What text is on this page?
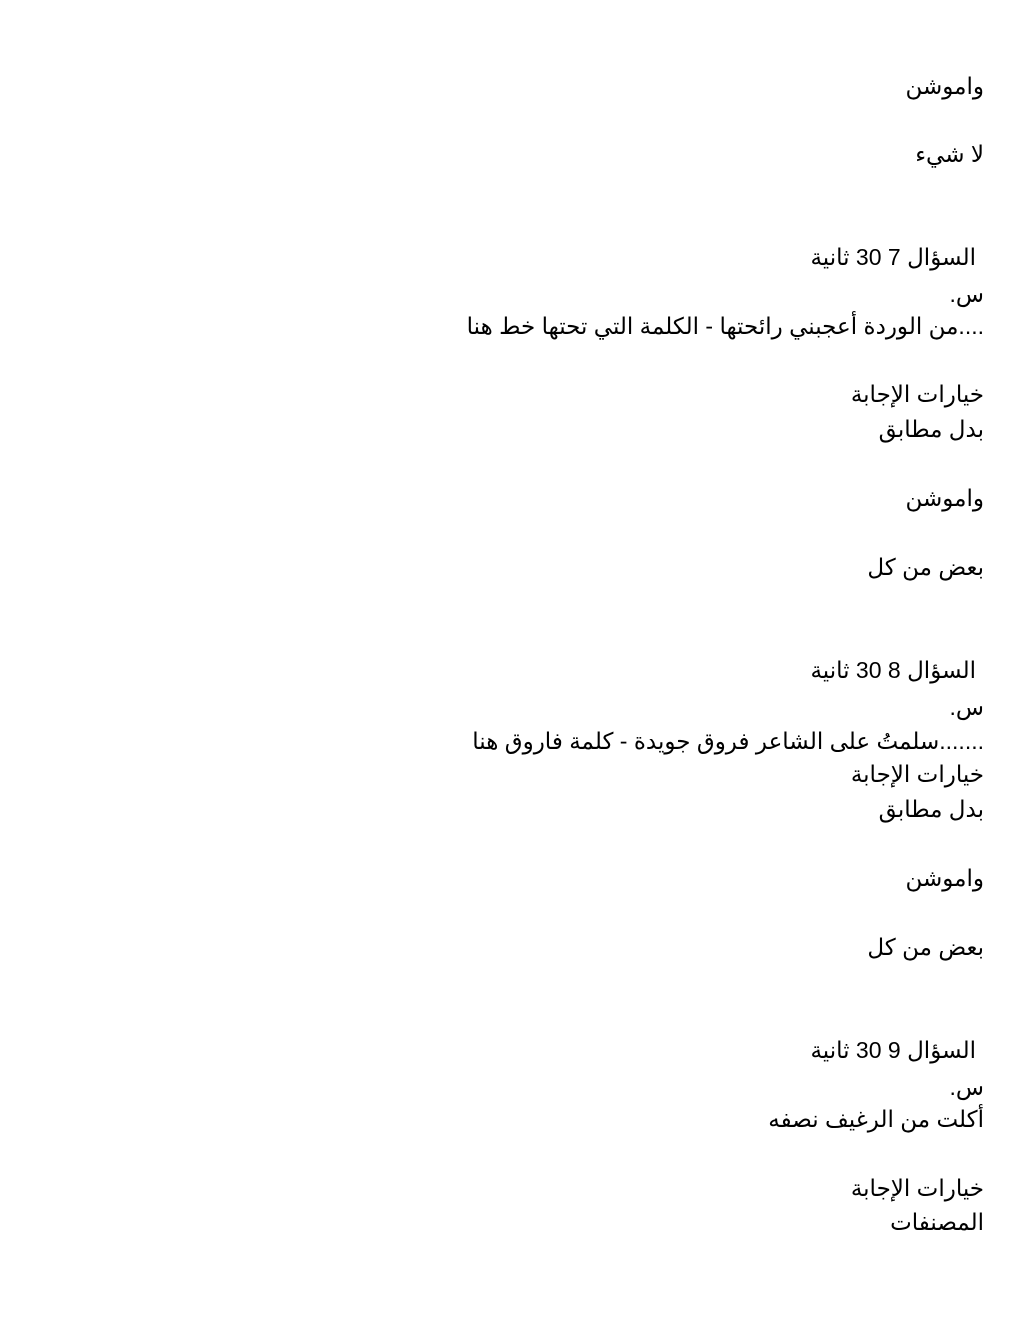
واموشن
لا شيء
السؤال 7 30 ثانية
س.
....من الوردة أعجبني رائحتها - الكلمة التي تحتها خط هنا
خيارات الإجابة
بدل مطابق
واموشن
بعض من كل
السؤال 8 30 ثانية
س.
.......سلمتُ على الشاعر فروق جويدة - كلمة فاروق هنا
خيارات الإجابة
بدل مطابق
واموشن
بعض من كل
السؤال 9 30 ثانية
س.
أكلت من الرغيف نصفه
خيارات الإجابة
المصنفات
